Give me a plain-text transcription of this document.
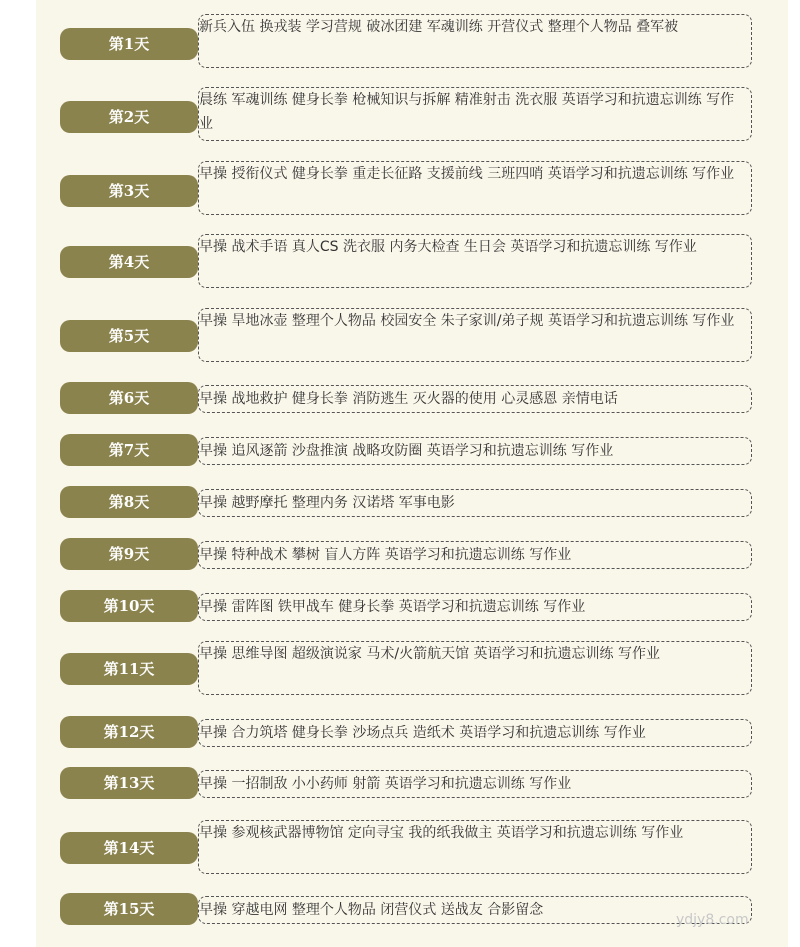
第1天
新兵入伍 换戎装 学习营规 破冰团建 军魂训练 开营仪式 整理个人物品 叠军被
第2天
晨练 军魂训练 健身长拳 枪械知识与拆解 精准射击 洗衣服 英语学习和抗遗忘训练 写作业
第3天
早操 授衔仪式 健身长拳 重走长征路 支援前线 三班四哨 英语学习和抗遗忘训练 写作业
第4天
早操 战术手语 真人CS 洗衣服 内务大检查 生日会 英语学习和抗遗忘训练 写作业
第5天
早操 旱地冰壶 整理个人物品 校园安全 朱子家训/弟子规 英语学习和抗遗忘训练 写作业
第6天	早操 战地救护 健身长拳 消防逃生 灭火器的使用 心灵感恩 亲情电话
第7天	早操 追风逐箭 沙盘推演 战略攻防圈 英语学习和抗遗忘训练 写作业
第8天	早操 越野摩托 整理内务 汉诺塔 军事电影
第9天	早操 特种战术 攀树 盲人方阵 英语学习和抗遗忘训练 写作业
第10天	早操 雷阵图 铁甲战车 健身长拳 英语学习和抗遗忘训练 写作业
第11天
早操 思维导图 超级演说家 马术/火箭航天馆 英语学习和抗遗忘训练 写作业
第12天	早操 合力筑塔 健身长拳 沙场点兵 造纸术 英语学习和抗遗忘训练 写作业
第13天	早操 一招制敌 小小药师 射箭 英语学习和抗遗忘训练 写作业
第14天
早操 参观核武器博物馆 定向寻宝 我的纸我做主 英语学习和抗遗忘训练 写作业
第15天	早操 穿越电网 整理个人物品 闭营仪式 送战友 合影留念
ydjy8.com
